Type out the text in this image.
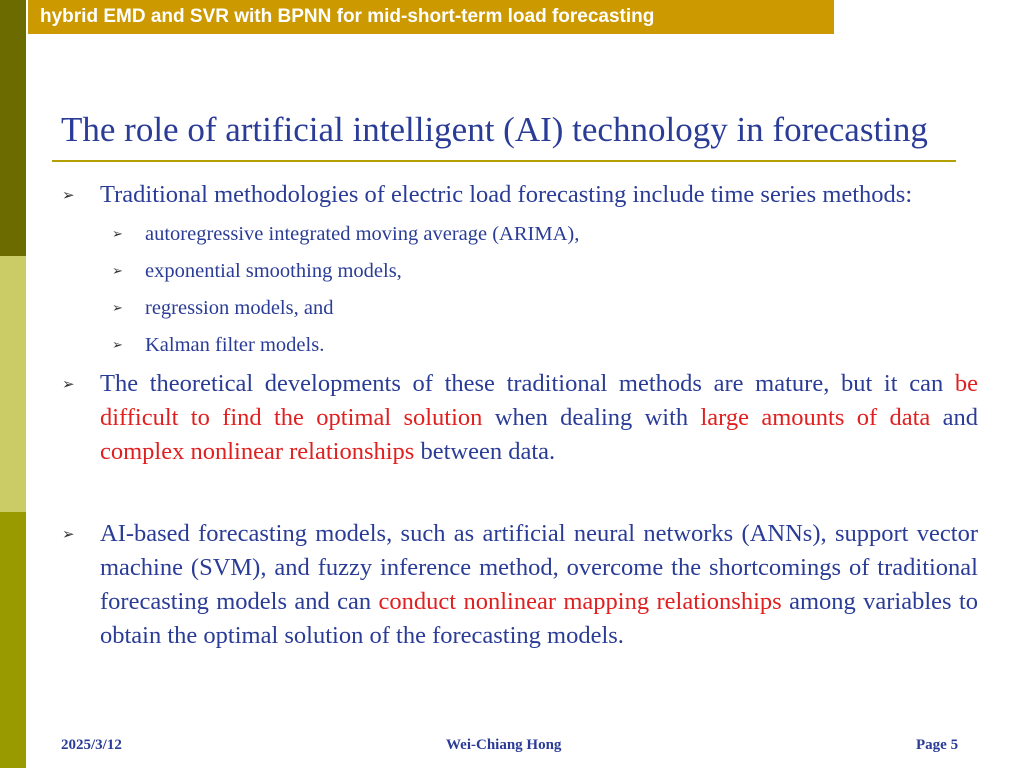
hybrid EMD and SVR with BPNN for mid-short-term load forecasting
The role of artificial intelligent (AI) technology in forecasting
➢ Traditional methodologies of electric load forecasting include time series methods:
➢ autoregressive integrated moving average (ARIMA),
➢ exponential smoothing models,
➢ regression models, and
➢ Kalman filter models.
➢ The theoretical developments of these traditional methods are mature, but it can be difficult to find the optimal solution when dealing with large amounts of data and complex nonlinear relationships between data.
➢ AI-based forecasting models, such as artificial neural networks (ANNs), support vector machine (SVM), and fuzzy inference method, overcome the shortcomings of traditional forecasting models and can conduct nonlinear mapping relationships among variables to obtain the optimal solution of the forecasting models.
2025/3/12	Wei-Chiang Hong	Page 5
